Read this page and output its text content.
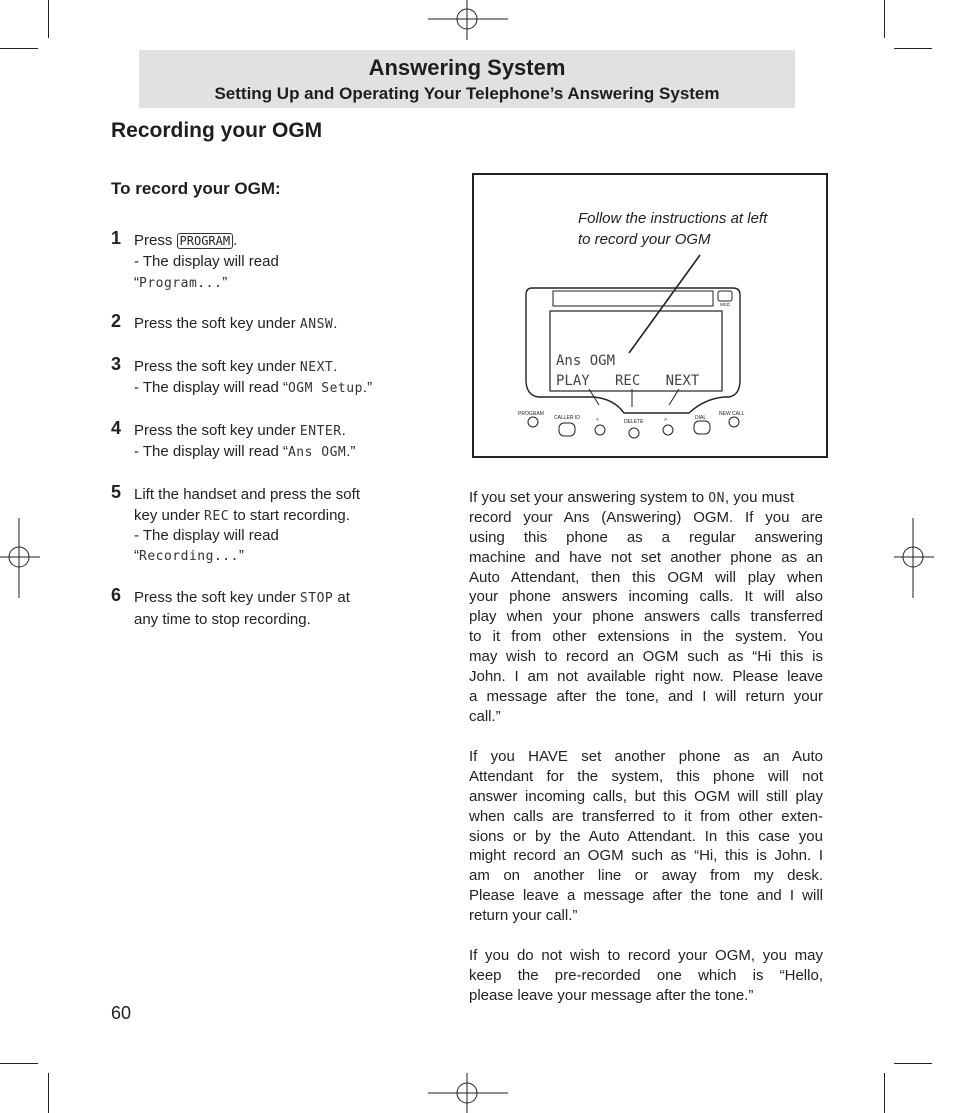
Answering System
Setting Up and Operating Your Telephone’s Answering System
Recording your OGM
To record your OGM:
1 Press PROGRAM .
- The display will read
“Program...”
2 Press the soft key under ANSW.
3 Press the soft key under NEXT.
- The display will read “OGM Setup.”
4 Press the soft key under ENTER.
- The display will read “Ans OGM.”
5 Lift the handset and press the soft
key under REC to start recording.
- The display will read
“Recording...”
6 Press the soft key under STOP at
any time to stop recording.
Follow the instructions at left
to record your OGM
MSG
Ans OGM
PLAY   REC   NEXT
PROGRAM
CALLER ID	<	DELETE	>	DIAL
NEW CALL
If you set your answering system to ON, you must
record your Ans (Answering) OGM. If you are
using this phone as a regular answering
machine and have not set another phone as an
Auto Attendant, then this OGM will play when
your phone answers incoming calls. It will also
play when your phone answers calls transferred
to it from other extensions in the system. You
may wish to record an OGM such as “Hi this is
John. I am not available right now. Please leave
a message after the tone, and I will return your
call.”
If you HAVE set another phone as an Auto
Attendant for the system, this phone will not
answer incoming calls, but this OGM will still play
when calls are transferred to it from other exten-
sions or by the Auto Attendant. In this case you
might record an OGM such as “Hi, this is John. I
am on another line or away from my desk.
Please leave a message after the tone and I will
return your call.”
If you do not wish to record your OGM, you may
keep the pre-recorded one which is “Hello,
please leave your message after the tone.”
60
